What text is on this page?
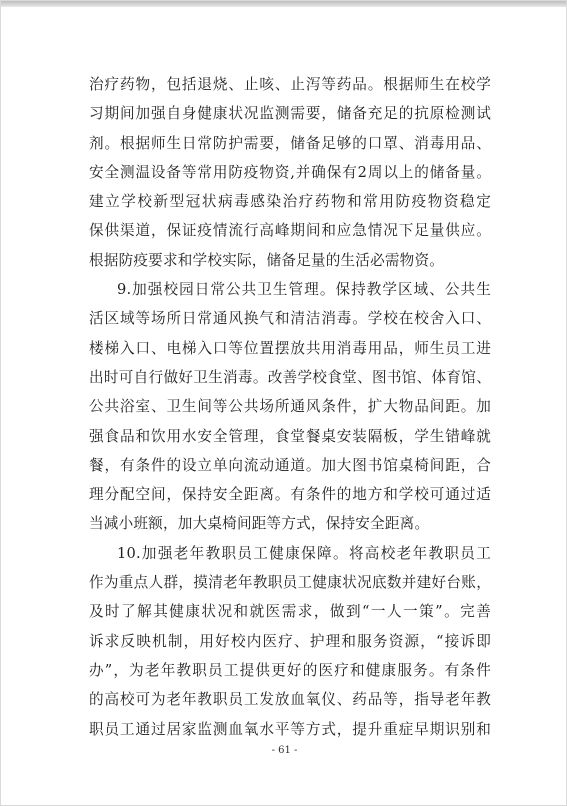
治疗药物，包括退烧、止咳、止泻等药品。根据师生在校学
习期间加强自身健康状况监测需要，储备充足的抗原检测试
剂。根据师生日常防护需要，储备足够的口罩、消毒用品、
安全测温设备等常用防疫物资,并确保有2周以上的储备量。
建立学校新型冠状病毒感染治疗药物和常用防疫物资稳定
保供渠道，保证疫情流行高峰期间和应急情况下足量供应。
根据防疫要求和学校实际，储备足量的生活必需物资。
9.加强校园日常公共卫生管理。保持教学区域、公共生
活区域等场所日常通风换气和清洁消毒。学校在校舍入口、
楼梯入口、电梯入口等位置摆放共用消毒用品，师生员工进
出时可自行做好卫生消毒。改善学校食堂、图书馆、体育馆、
公共浴室、卫生间等公共场所通风条件，扩大物品间距。加
强食品和饮用水安全管理，食堂餐桌安装隔板，学生错峰就
餐，有条件的设立单向流动通道。加大图书馆桌椅间距，合
理分配空间，保持安全距离。有条件的地方和学校可通过适
当减小班额，加大桌椅间距等方式，保持安全距离。
10.加强老年教职员工健康保障。将高校老年教职员工
作为重点人群，摸清老年教职员工健康状况底数并建好台账，
及时了解其健康状况和就医需求，做到“一人一策”。完善
诉求反映机制，用好校内医疗、护理和服务资源，“接诉即
办”，为老年教职员工提供更好的医疗和健康服务。有条件
的高校可为老年教职员工发放血氧仪、药品等，指导老年教
职员工通过居家监测血氧水平等方式，提升重症早期识别和
- 61 -
